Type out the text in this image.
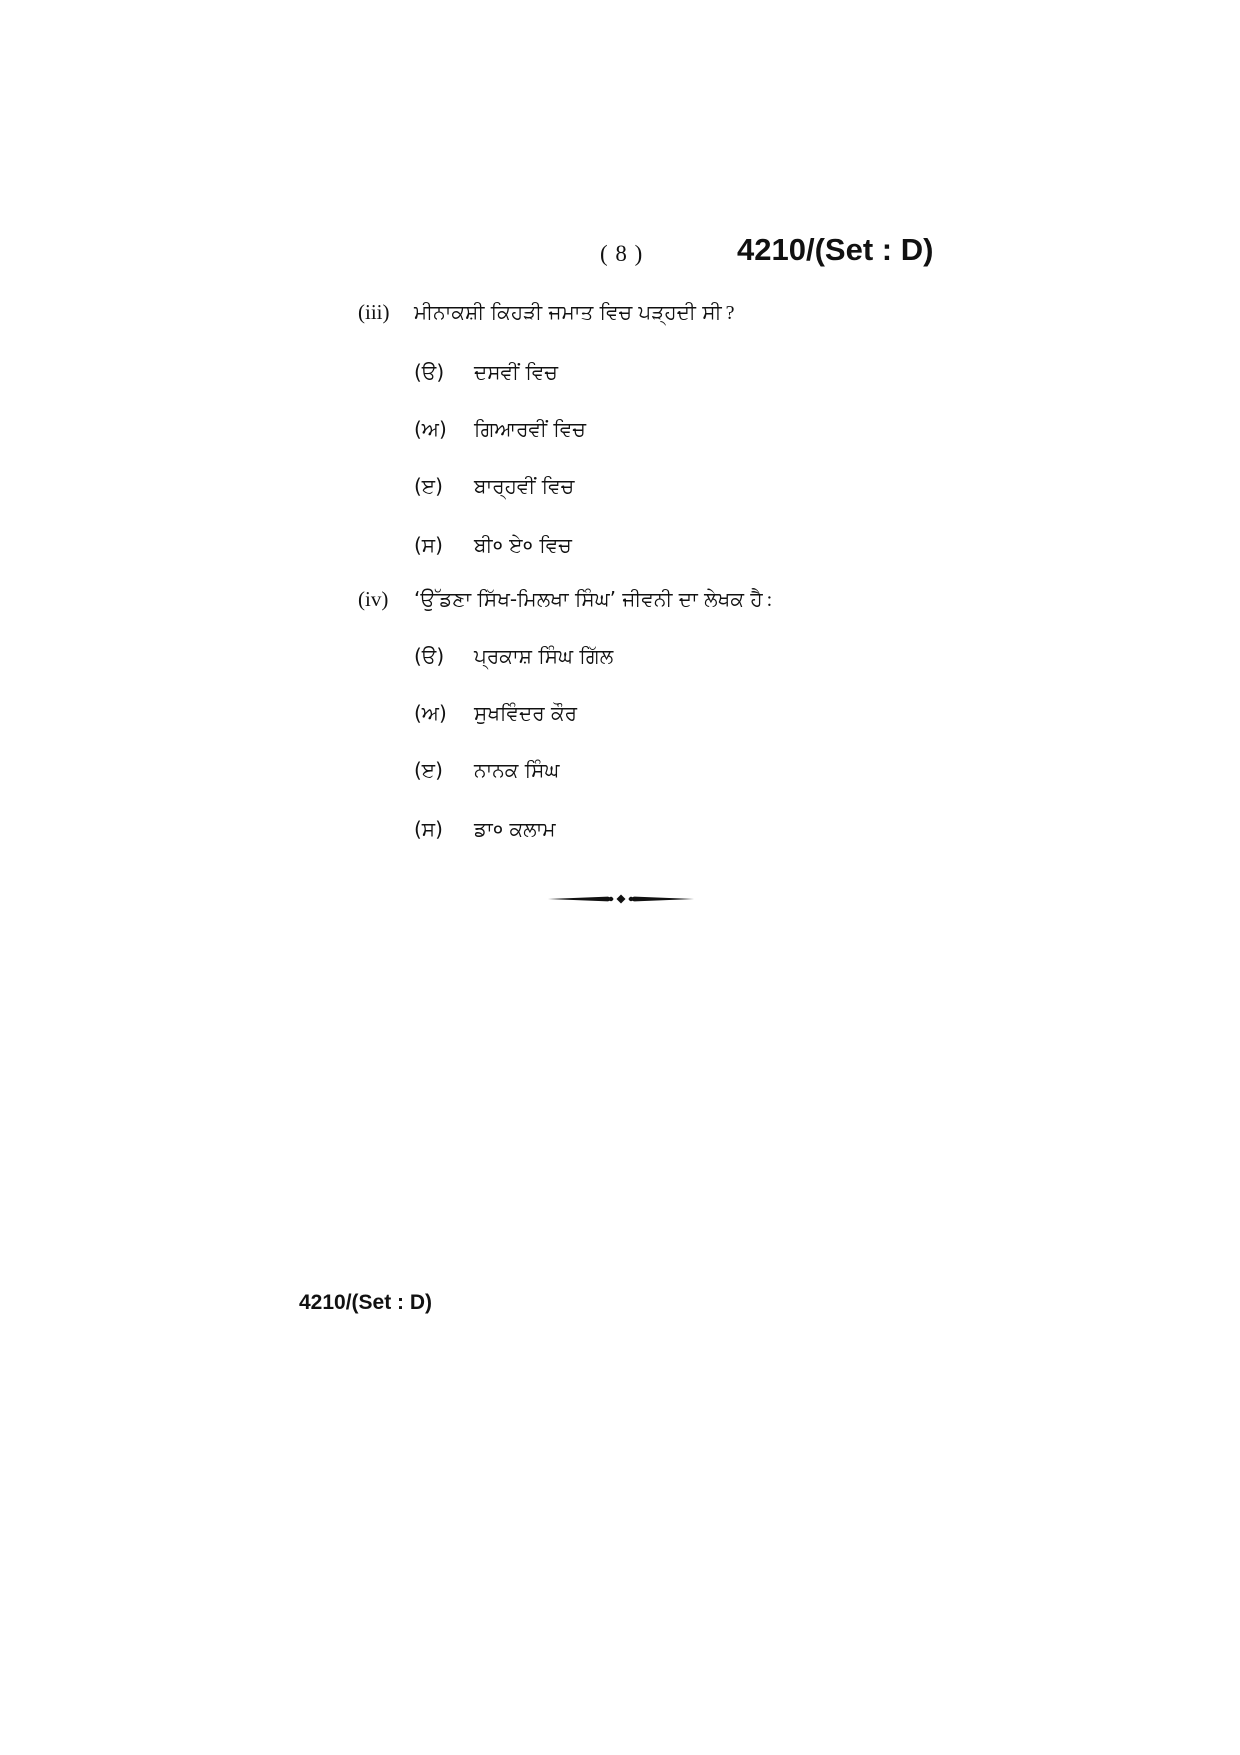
( 8 )	4210/(Set : D)
(iii) ਮੀਨਾਕਸ਼ੀ ਕਿਹੜੀ ਜਮਾਤ ਵਿਚ ਪੜ੍ਹਦੀ ਸੀ ?
(ੳ) ਦਸਵੀਂ ਵਿਚ
(ਅ) ਗਿਆਰਵੀਂ ਵਿਚ
(ੲ) ਬਾਰ੍ਹਵੀਂ ਵਿਚ
(ਸ) ਬੀ० ਏ० ਵਿਚ
(iv) ‘ਉੱਡਣਾ ਸਿੱਖ-ਮਿਲਖਾ ਸਿੰਘ’ ਜੀਵਨੀ ਦਾ ਲੇਖਕ ਹੈ :
(ੳ) ਪ੍ਰਕਾਸ਼ ਸਿੰਘ ਗਿੱਲ
(ਅ) ਸੁਖਵਿੰਦਰ ਕੌਰ
(ੲ) ਨਾਨਕ ਸਿੰਘ
(ਸ) ਡਾ० ਕਲਾਮ
4210/(Set : D)
